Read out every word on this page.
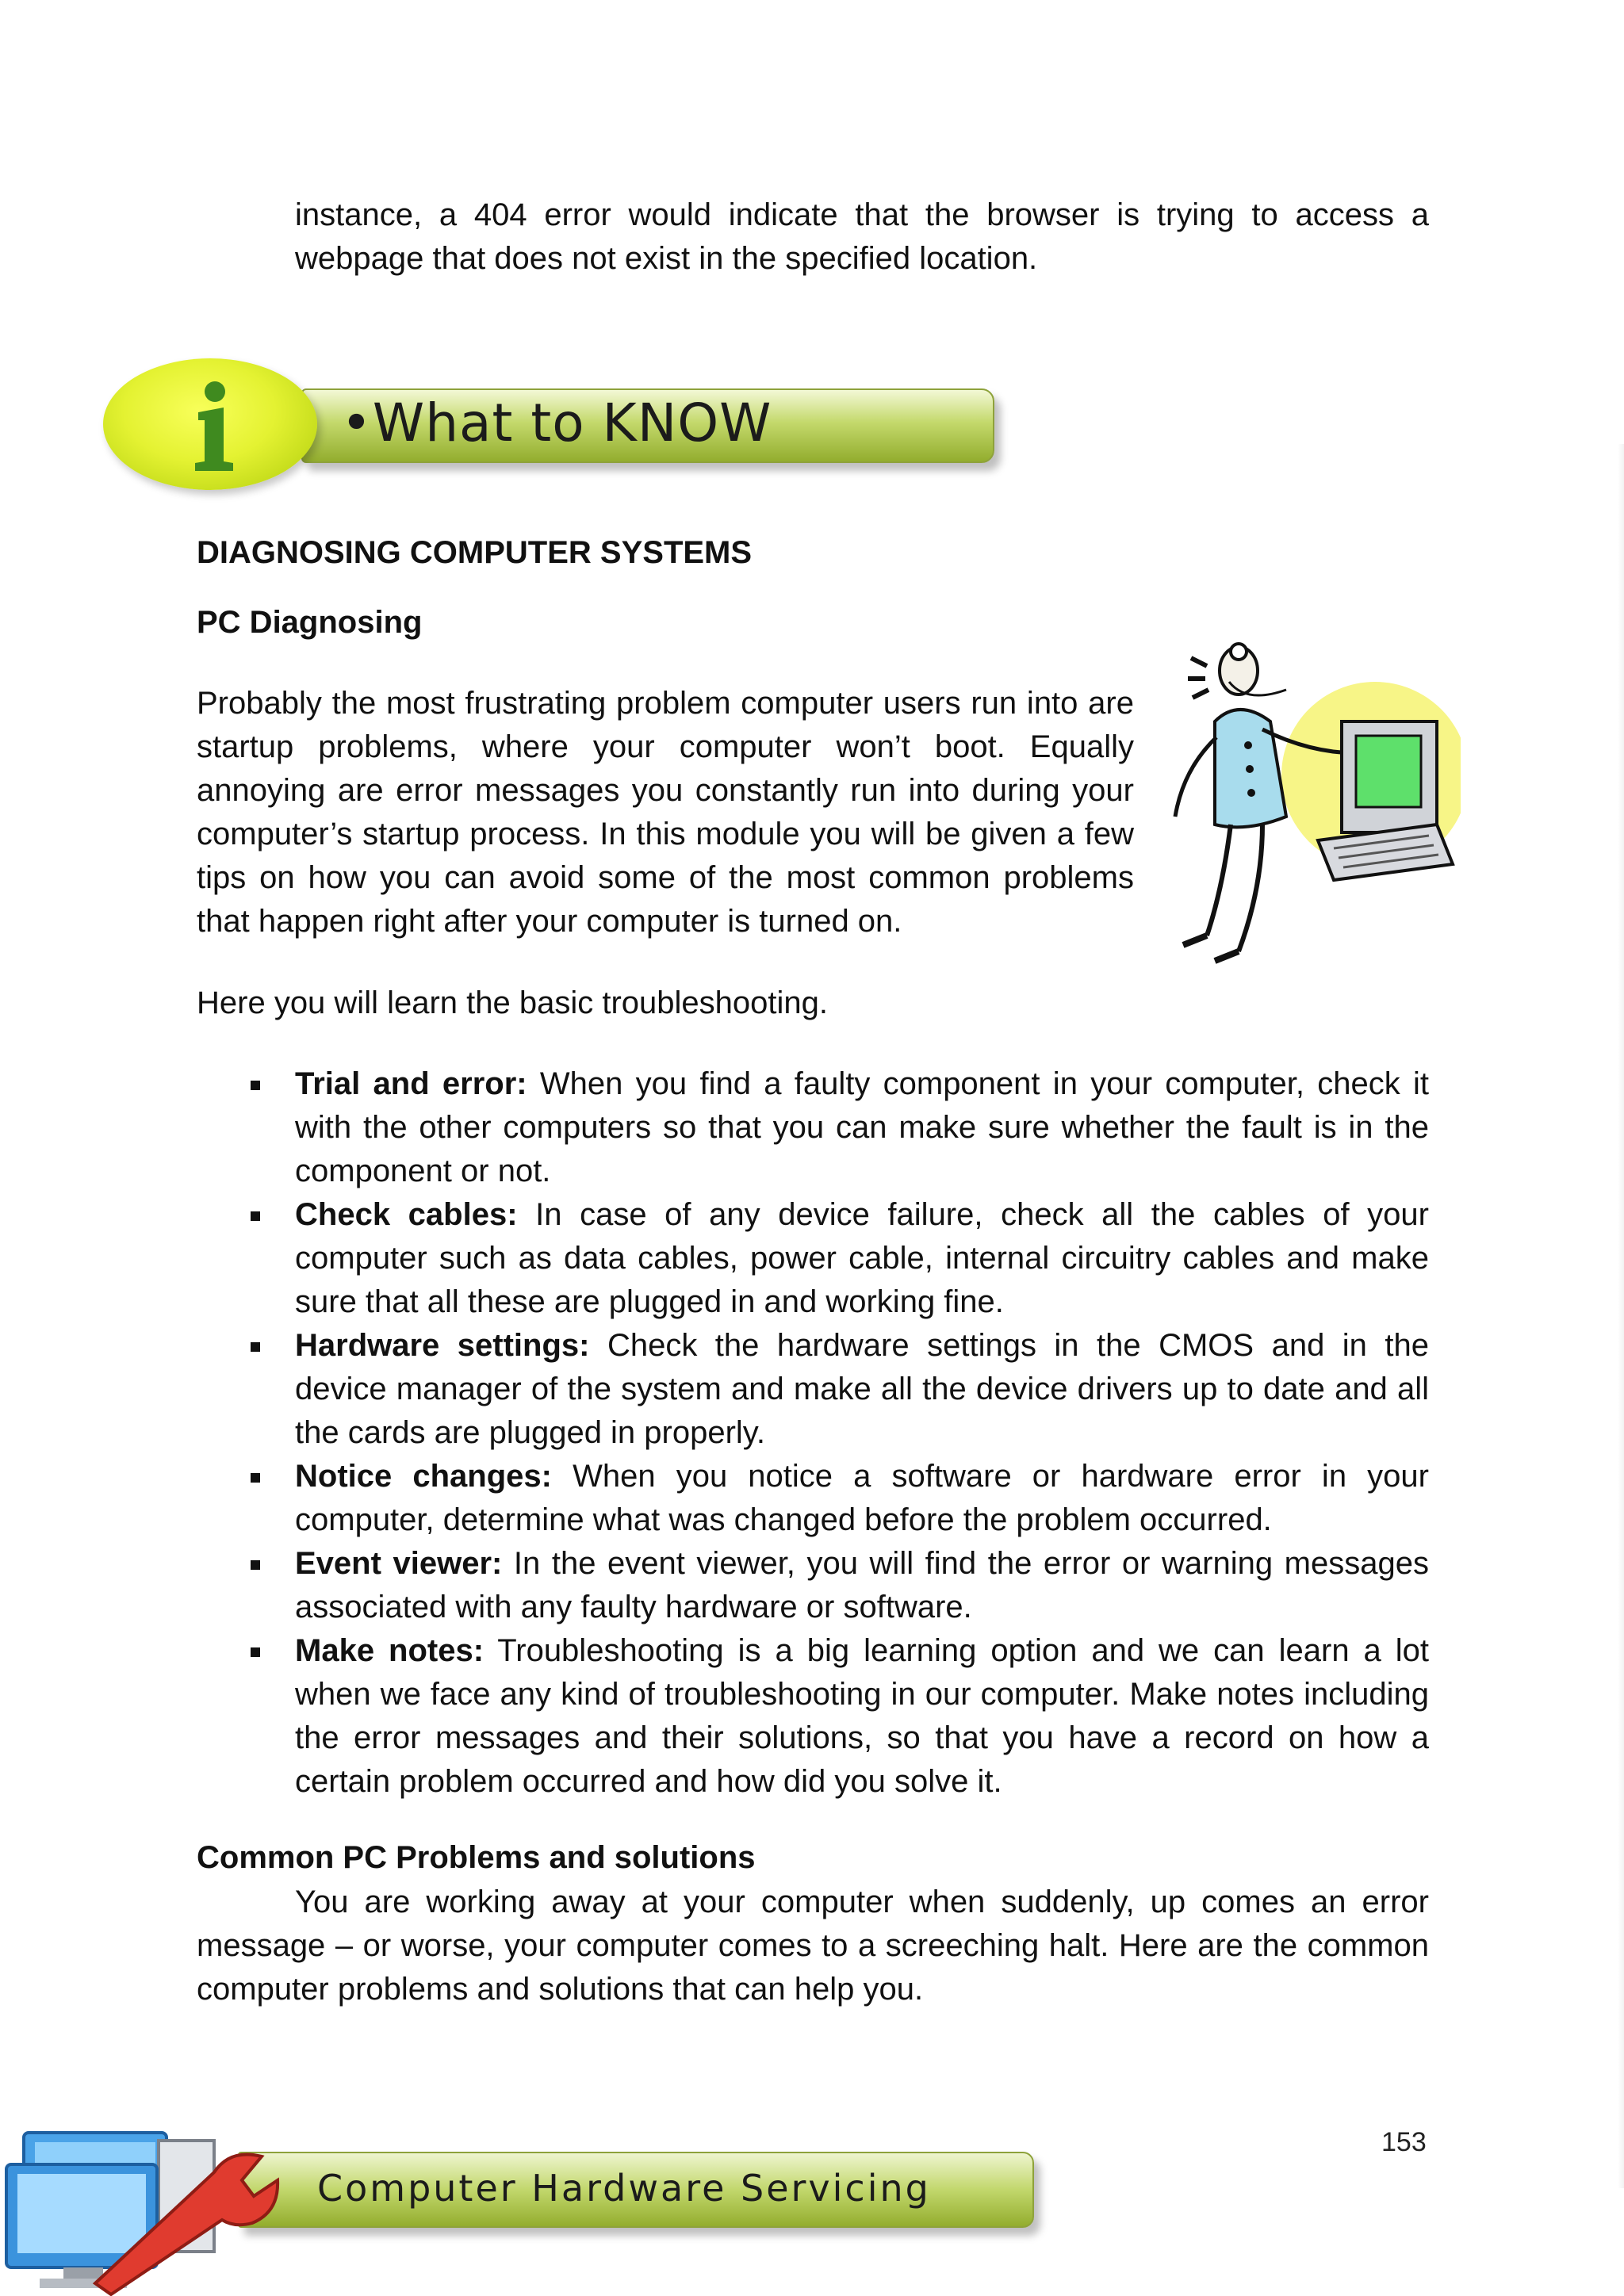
instance, a 404 error would indicate that the browser is trying to access a webpage that does not exist in the specified location.

•What to KNOW
DIAGNOSING COMPUTER SYSTEMS
PC Diagnosing

Probably the most frustrating problem computer users run into are startup problems, where your computer won’t boot. Equally annoying are error messages you constantly run into during your computer’s startup process. In this module you will be given a few tips on how you can avoid some of the most common problems that happen right after your computer is turned on.

Here you will learn the basic troubleshooting.

Trial and error: When you find a faulty component in your computer, check it with the other computers so that you can make sure whether the fault is in the component or not.
Check cables: In case of any device failure, check all the cables of your computer such as data cables, power cable, internal circuitry cables and make sure that all these are plugged in and working fine.
Hardware settings: Check the hardware settings in the CMOS and in the device manager of the system and make all the device drivers up to date and all the cards are plugged in properly.
Notice changes: When you notice a software or hardware error in your computer, determine what was changed before the problem occurred.
Event viewer: In the event viewer, you will find the error or warning messages associated with any faulty hardware or software.
Make notes: Troubleshooting is a big learning option and we can learn a lot when we face any kind of troubleshooting in our computer. Make notes including the error messages and their solutions, so that you have a record on how a certain problem occurred and how did you solve it.
Common PC Problems and solutions

You are working away at your computer when suddenly, up comes an error message – or worse, your computer comes to a screeching halt. Here are the common computer problems and solutions that can help you.

153
Computer Hardware Servicing
